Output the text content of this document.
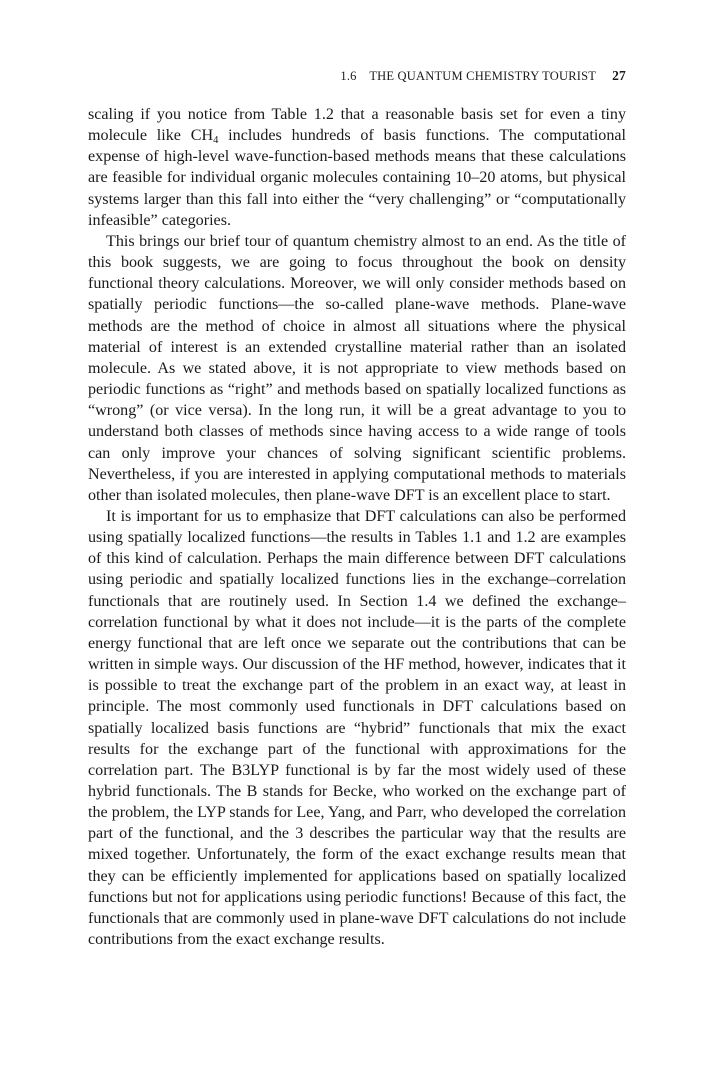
1.6 THE QUANTUM CHEMISTRY TOURIST 27

scaling if you notice from Table 1.2 that a reasonable basis set for even a tiny molecule like $CH_4$ includes hundreds of basis functions. The computational expense of high-level wave-function-based methods means that these calculations are feasible for individual organic molecules containing 10–20 atoms, but physical systems larger than this fall into either the “very challenging” or “computationally infeasible” categories.

This brings our brief tour of quantum chemistry almost to an end. As the title of this book suggests, we are going to focus throughout the book on density functional theory calculations. Moreover, we will only consider methods based on spatially periodic functions—the so-called plane-wave methods. Plane-wave methods are the method of choice in almost all situations where the physical material of interest is an extended crystalline material rather than an isolated molecule. As we stated above, it is not appropriate to view methods based on periodic functions as “right” and methods based on spatially localized functions as “wrong” (or vice versa). In the long run, it will be a great advantage to you to understand both classes of methods since having access to a wide range of tools can only improve your chances of solving significant scientific problems. Nevertheless, if you are interested in applying computational methods to materials other than isolated molecules, then plane-wave DFT is an excellent place to start.

It is important for us to emphasize that DFT calculations can also be performed using spatially localized functions—the results in Tables 1.1 and 1.2 are examples of this kind of calculation. Perhaps the main difference between DFT calculations using periodic and spatially localized functions lies in the exchange–correlation functionals that are routinely used. In Section 1.4 we defined the exchange–correlation functional by what it does not include—it is the parts of the complete energy functional that are left once we separate out the contributions that can be written in simple ways. Our discussion of the HF method, however, indicates that it is possible to treat the exchange part of the problem in an exact way, at least in principle. The most commonly used functionals in DFT calculations based on spatially localized basis functions are “hybrid” functionals that mix the exact results for the exchange part of the functional with approximations for the correlation part. The B3LYP functional is by far the most widely used of these hybrid functionals. The B stands for Becke, who worked on the exchange part of the problem, the LYP stands for Lee, Yang, and Parr, who developed the correlation part of the functional, and the 3 describes the particular way that the results are mixed together. Unfortunately, the form of the exact exchange results mean that they can be efficiently implemented for applications based on spatially localized functions but not for applications using periodic functions! Because of this fact, the functionals that are commonly used in plane-wave DFT calculations do not include contributions from the exact exchange results.
